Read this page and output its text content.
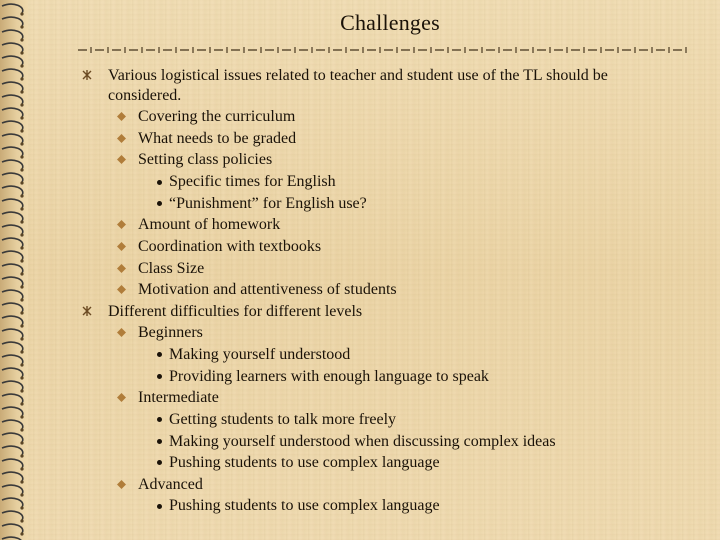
Challenges
Various logistical issues related to teacher and student use of the TL should be
considered.
Covering the curriculum
What needs to be graded
Setting class policies
Specific times for English
“Punishment” for English use?
Amount of homework
Coordination with textbooks
Class Size
Motivation and attentiveness of students
Different difficulties for different levels
Beginners
Making yourself understood
Providing learners with enough language to speak
Intermediate
Getting students to talk more freely
Making yourself understood when discussing complex ideas
Pushing students to use complex language
Advanced
Pushing students to use complex language
